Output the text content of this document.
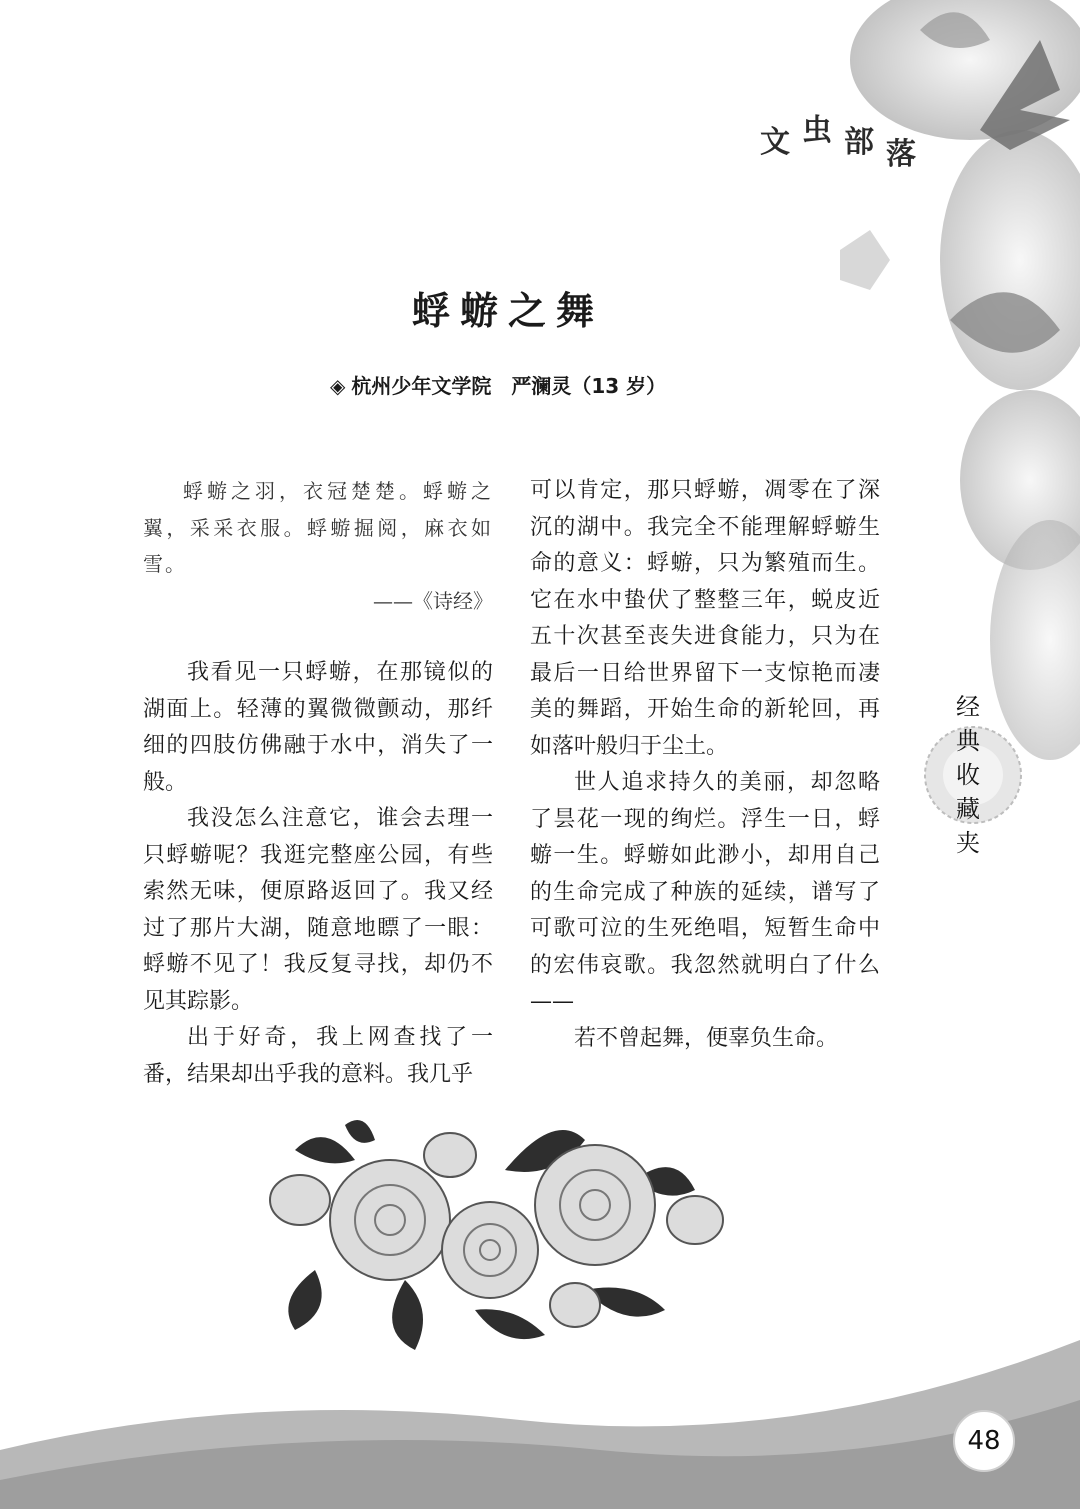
文 虫 部 落
蜉蝣之舞
◈ 杭州少年文学院　严澜灵（13 岁）

蜉蝣之羽，衣冠楚楚。蜉蝣之翼，采采衣服。蜉蝣掘阅，麻衣如雪。

——《诗经》

我看见一只蜉蝣，在那镜似的湖面上。轻薄的翼微微颤动，那纤细的四肢仿佛融于水中，消失了一般。

我没怎么注意它，谁会去理一只蜉蝣呢？我逛完整座公园，有些索然无味，便原路返回了。我又经过了那片大湖，随意地瞟了一眼：蜉蝣不见了！我反复寻找，却仍不见其踪影。

出于好奇，我上网查找了一番，结果却出乎我的意料。我几乎

可以肯定，那只蜉蝣，凋零在了深沉的湖中。我完全不能理解蜉蝣生命的意义：蜉蝣，只为繁殖而生。它在水中蛰伏了整整三年，蜕皮近五十次甚至丧失进食能力，只为在最后一日给世界留下一支惊艳而凄美的舞蹈，开始生命的新轮回，再如落叶般归于尘土。

世人追求持久的美丽，却忽略了昙花一现的绚烂。浮生一日，蜉蝣一生。蜉蝣如此渺小，却用自己的生命完成了种族的延续，谱写了可歌可泣的生死绝唱，短暂生命中的宏伟哀歌。我忽然就明白了什么——

若不曾起舞，便辜负生命。

经
典
收
藏
夹
48
